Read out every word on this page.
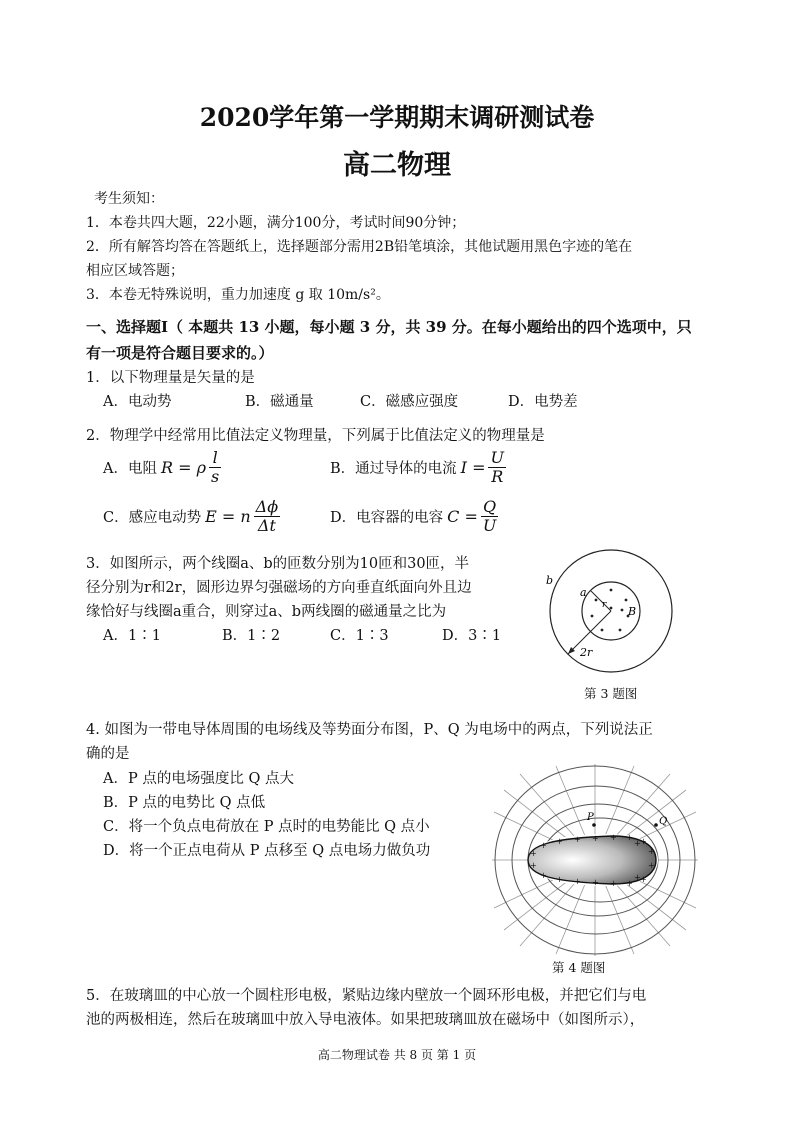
2020学年第一学期期末调研测试卷
高二物理
考生须知：
1．本卷共四大题，22小题，满分100分，考试时间90分钟；
2．所有解答均答在答题纸上，选择题部分需用2B铅笔填涂，其他试题用黑色字迹的笔在
相应区域答题；
3．本卷无特殊说明，重力加速度 g 取 10m/s²。
一、选择题Ⅰ（ 本题共 13 小题，每小题 3 分，共 39 分。在每小题给出的四个选项中，只
有一项是符合题目要求的。）
1．以下物理量是矢量的是
A．电动势	B．磁通量	C．磁感应强度	D．电势差
2．物理学中经常用比值法定义物理量，下列属于比值法定义的物理量是
A．电阻 R = ρ $\frac{l}{s}$	B．通过导体的电流 $I = \frac{U}{R}$
C．感应电动势 E = n $\frac{\Delta\phi}{\Delta t}$	D．电容器的电容 $C = \frac{Q}{U}$
3．如图所示，两个线圈a、b的匝数分别为10匝和30匝，半
径分别为r和2r，圆形边界匀强磁场的方向垂直纸面向外且边
缘恰好与线圈a重合，则穿过a、b两线圈的磁通量之比为
A．1∶1	B．1∶2	C．1∶3	D．3∶1
b
a
r B
2r
第 3 题图
4. 如图为一带电导体周围的电场线及等势面分布图，P、Q 为电场中的两点，下列说法正
确的是
A．P 点的电场强度比 Q 点大
B．P 点的电势比 Q 点低
C．将一个负点电荷放在 P 点时的电势能比 Q 点小
D．将一个正点电荷从 P 点移至 Q 点电场力做负功	+
+
+
+
+
+
+
+
+
+
+
+
+
+
+
+
+
+
+
+
P	Q
第 4 题图
5．在玻璃皿的中心放一个圆柱形电极，紧贴边缘内壁放一个圆环形电极，并把它们与电
池的两极相连，然后在玻璃皿中放入导电液体。如果把玻璃皿放在磁场中（如图所示），
高二物理试卷 共 8 页 第 1 页
